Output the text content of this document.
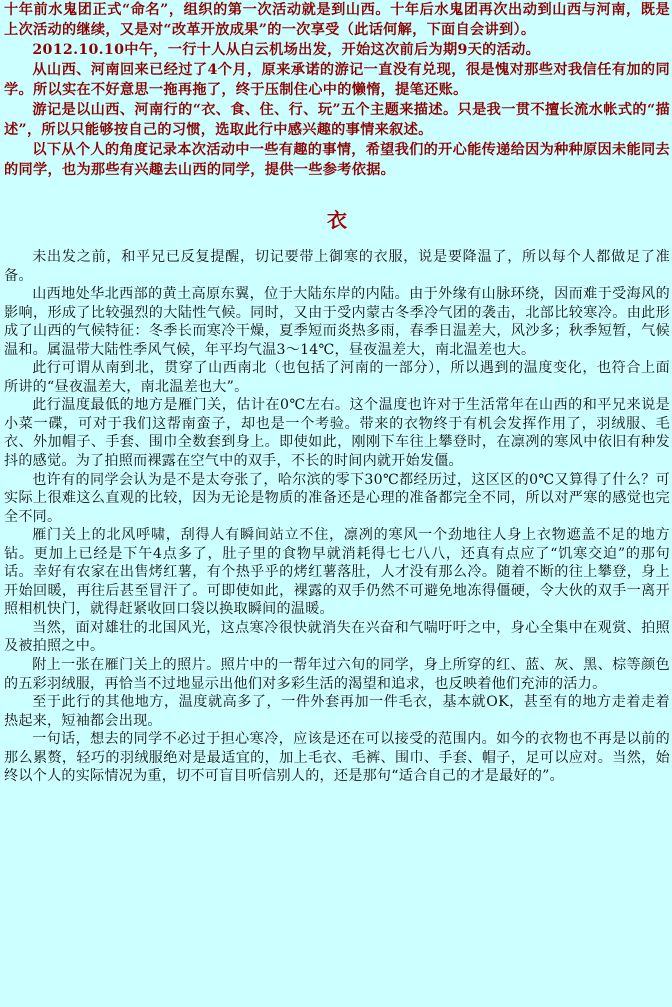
十年前水鬼团正式“命名”，组织的第一次活动就是到山西。十年后水鬼团再次出动到山西与河南，既是上次活动的继续，又是对“改革开放成果”的一次享受（此话何解，下面自会讲到）。

2012.10.10中午，一行十人从白云机场出发，开始这次前后为期9天的活动。

从山西、河南回来已经过了4个月，原来承诺的游记一直没有兑现，很是愧对那些对我信任有加的同学。所以实在不好意思一拖再拖了，终于压制住心中的懒惰，提笔还账。

游记是以山西、河南行的“衣、食、住、行、玩”五个主题来描述。只是我一贯不擅长流水帐式的“描述”，所以只能够按自己的习惯，选取此行中感兴趣的事情来叙述。

以下从个人的角度记录本次活动中一些有趣的事情，希望我们的开心能传递给因为种种原因未能同去的同学，也为那些有兴趣去山西的同学，提供一些参考依据。

衣

未出发之前，和平兄已反复提醒，切记要带上御寒的衣服，说是要降温了，所以每个人都做足了准备。

山西地处华北西部的黄土高原东翼，位于大陆东岸的内陆。由于外缘有山脉环绕，因而难于受海风的影响，形成了比较强烈的大陆性气候。同时，又由于受内蒙古冬季冷气团的袭击，北部比较寒冷。由此形成了山西的气候特征：冬季长而寒冷干燥，夏季短而炎热多雨，春季日温差大，风沙多；秋季短暂，气候温和。属温带大陆性季风气候，年平均气温3～14℃，昼夜温差大，南北温差也大。

此行可谓从南到北，贯穿了山西南北（也包括了河南的一部分），所以遇到的温度变化，也符合上面所讲的“昼夜温差大，南北温差也大”。

此行温度最低的地方是雁门关，估计在0℃左右。这个温度也许对于生活常年在山西的和平兄来说是小菜一碟，可对于我们这帮南蛮子，却也是一个考验。带来的衣物终于有机会发挥作用了，羽绒服、毛衣、外加帽子、手套、围巾全数套到身上。即使如此，刚刚下车往上攀登时，在凛冽的寒风中依旧有种发抖的感觉。为了拍照而裸露在空气中的双手，不长的时间内就开始发僵。

也许有的同学会认为是不是太夸张了，哈尔滨的零下30℃都经历过，这区区的0℃又算得了什么？可实际上很难这么直观的比较，因为无论是物质的准备还是心理的准备都完全不同，所以对严寒的感觉也完全不同。

雁门关上的北风呼啸，刮得人有瞬间站立不住，凛冽的寒风一个劲地往人身上衣物遮盖不足的地方钻。更加上已经是下午4点多了，肚子里的食物早就消耗得七七八八，还真有点应了“饥寒交迫”的那句话。幸好有农家在出售烤红薯，有个热乎乎的烤红薯落肚，人才没有那么冷。随着不断的往上攀登，身上开始回暖，再往后甚至冒汗了。可即使如此，裸露的双手仍然不可避免地冻得僵硬，令大伙的双手一离开照相机快门，就得赶紧收回口袋以换取瞬间的温暖。

当然，面对雄壮的北国风光，这点寒冷很快就消失在兴奋和气喘吁吁之中，身心全集中在观赏、拍照及被拍照之中。

附上一张在雁门关上的照片。照片中的一帮年过六旬的同学，身上所穿的红、蓝、灰、黑、棕等颜色的五彩羽绒服，再恰当不过地显示出他们对多彩生活的渴望和追求，也反映着他们充沛的活力。

至于此行的其他地方，温度就高多了，一件外套再加一件毛衣，基本就OK，甚至有的地方走着走着热起来，短袖都会出现。

一句话，想去的同学不必过于担心寒冷，应该是还在可以接受的范围内。如今的衣物也不再是以前的那么累赘，轻巧的羽绒服绝对是最适宜的，加上毛衣、毛裤、围巾、手套、帽子，足可以应对。当然，始终以个人的实际情况为重，切不可盲目听信别人的，还是那句“适合自己的才是最好的”。
